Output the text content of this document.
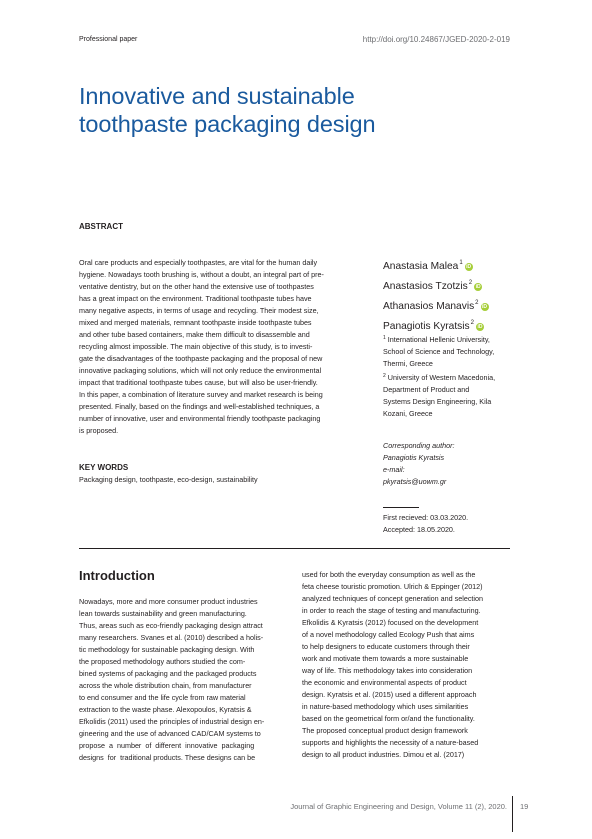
Professional paper	http://doi.org/10.24867/JGED-2020-2-019
Innovative and sustainable
toothpaste packaging design
ABSTRACT
Oral care products and especially toothpastes, are vital for the human daily
hygiene. Nowadays tooth brushing is, without a doubt, an integral part of pre-
ventative dentistry, but on the other hand the extensive use of toothpastes
has a great impact on the environment. Traditional toothpaste tubes have
many negative aspects, in terms of usage and recycling. Their modest size,
mixed and merged materials, remnant toothpaste inside toothpaste tubes
and other tube based containers, make them difficult to disassemble and
recycling almost impossible. The main objective of this study, is to investi-
gate the disadvantages of the toothpaste packaging and the proposal of new
innovative packaging solutions, which will not only reduce the environmental
impact that traditional toothpaste tubes cause, but will also be user-friendly.
In this paper, a combination of literature survey and market research is being
presented. Finally, based on the findings and well-established techniques, a
number of innovative, user and environmental friendly toothpaste packaging
is proposed.
KEY WORDS
Packaging design, toothpaste, eco-design, sustainability
Anastasia Malea$^1$iD
Anastasios Tzotzis$^2$iD
Athanasios Manavis$^2$iD
Panagiotis Kyratsis$^2$iD

$^1$ International Hellenic University,
School of Science and Technology,
Thermi, Greece

$^2$ University of Western Macedonia,
Department of Product and
Systems Design Engineering, Kila
Kozani, Greece

Corresponding author:
Panagiotis Kyratsis
e-mail:
pkyratsis@uowm.gr
First recieved: 03.03.2020.
Accepted: 18.05.2020.
Introduction
Nowadays, more and more consumer product industries
lean towards sustainability and green manufacturing.
Thus, areas such as eco-friendly packaging design attract
many researchers. Svanes et al. (2010) described a holis-
tic methodology for sustainable packaging design. With
the proposed methodology authors studied the com-
bined systems of packaging and the packaged products
across the whole distribution chain, from manufacturer
to end consumer and the life cycle from raw material
extraction to the waste phase. Alexopoulos, Kyratsis &
Efkolidis (2011) used the principles of industrial design en-
gineering and the use of advanced CAD/CAM systems to
propose  a  number  of  different  innovative  packaging
designs  for  traditional products. These designs can be
used for both the everyday consumption as well as the
feta cheese touristic promotion. Ulrich & Eppinger (2012)
analyzed techniques of concept generation and selection
in order to reach the stage of testing and manufacturing.
Efkolidis & Kyratsis (2012) focused on the development
of a novel methodology called Ecology Push that aims
to help designers to educate customers through their
work and motivate them towards a more sustainable
way of life. This methodology takes into consideration
the economic and environmental aspects of product
design. Kyratsis et al. (2015) used a different approach
in nature-based methodology which uses similarities
based on the geometrical form or/and the functionality.
The proposed conceptual product design framework
supports and highlights the necessity of a nature-based
design to all product industries. Dimou et al. (2017)
Journal of Graphic Engineering and Design, Volume 11 (2), 2020. 19
